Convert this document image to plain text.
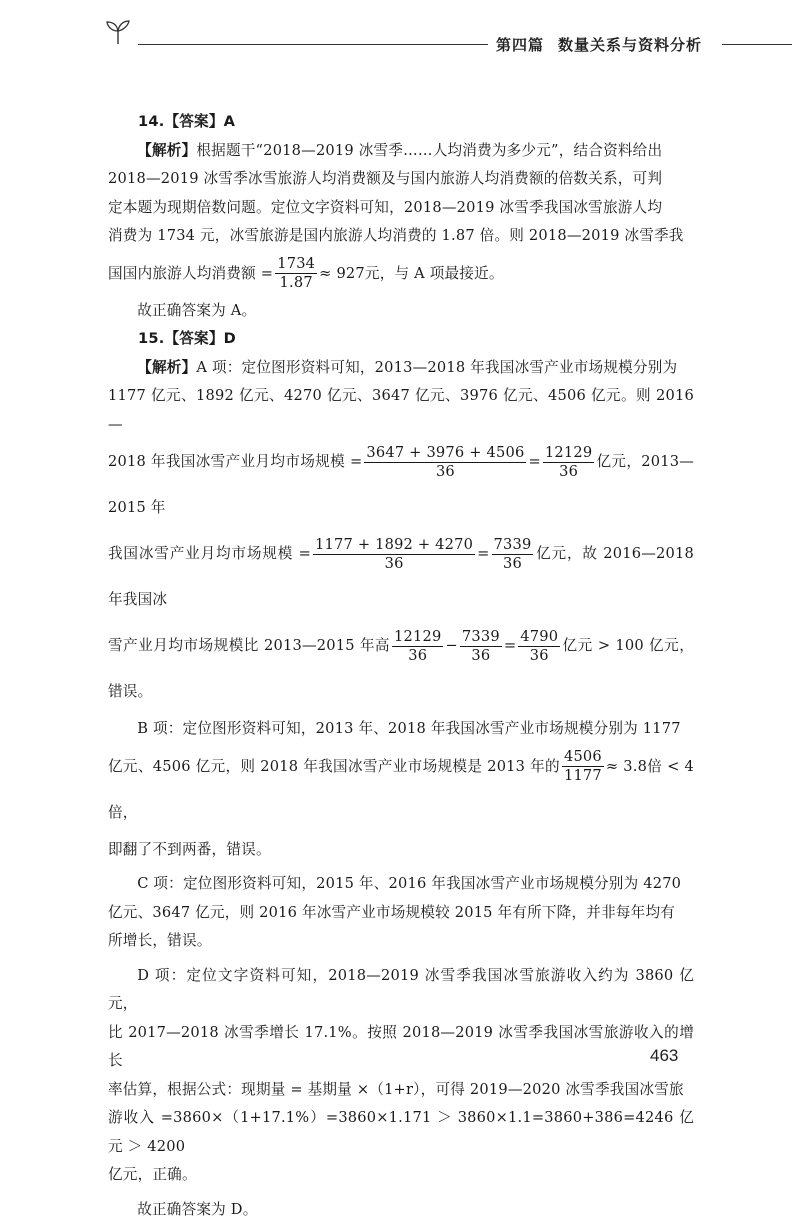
第四篇 数量关系与资料分析

14.【答案】A

【解析】根据题干“2018—2019 冰雪季……人均消费为多少元”，结合资料给出

2018—2019 冰雪季冰雪旅游人均消费额及与国内旅游人均消费额的倍数关系，可判

定本题为现期倍数问题。定位文字资料可知，2018—2019 冰雪季我国冰雪旅游人均

消费为 1734 元，冰雪旅游是国内旅游人均消费的 1.87 倍。则 2018—2019 冰雪季我

国国内旅游人均消费额 = $\frac{1734}{1.87} \approx 927$元，与 A 项最接近。

故正确答案为 A。

15.【答案】D

【解析】A 项：定位图形资料可知，2013—2018 年我国冰雪产业市场规模分别为

1177 亿元、1892 亿元、4270 亿元、3647 亿元、3976 亿元、4506 亿元。则 2016—

2018 年我国冰雪产业月均市场规模 = $\frac{3647 + 3976 + 4506}{36} = \frac{12129}{36}$ 亿元，2013—2015 年

我国冰雪产业月均市场规模 = $\frac{1177 + 1892 + 4270}{36} = \frac{7339}{36}$ 亿元，故 2016—2018 年我国冰

雪产业月均市场规模比 2013—2015 年高 $\frac{12129}{36} - \frac{7339}{36} = \frac{4790}{36}$ 亿元 > 100 亿元，错误。

B 项：定位图形资料可知，2013 年、2018 年我国冰雪产业市场规模分别为 1177

亿元、4506 亿元，则 2018 年我国冰雪产业市场规模是 2013 年的 $\frac{4506}{1177} \approx 3.8$倍 < 4 倍，

即翻了不到两番，错误。

C 项：定位图形资料可知，2015 年、2016 年我国冰雪产业市场规模分别为 4270

亿元、3647 亿元，则 2016 年冰雪产业市场规模较 2015 年有所下降，并非每年均有

所增长，错误。

D 项：定位文字资料可知，2018—2019 冰雪季我国冰雪旅游收入约为 3860 亿元，

比 2017—2018 冰雪季增长 17.1%。按照 2018—2019 冰雪季我国冰雪旅游收入的增长

率估算，根据公式：现期量 = 基期量 ×（1+r），可得 2019—2020 冰雪季我国冰雪旅

游收入 =3860×（1+17.1%）=3860×1.171 ＞ 3860×1.1=3860+386=4246 亿元 ＞ 4200

亿元，正确。

故正确答案为 D。

463
